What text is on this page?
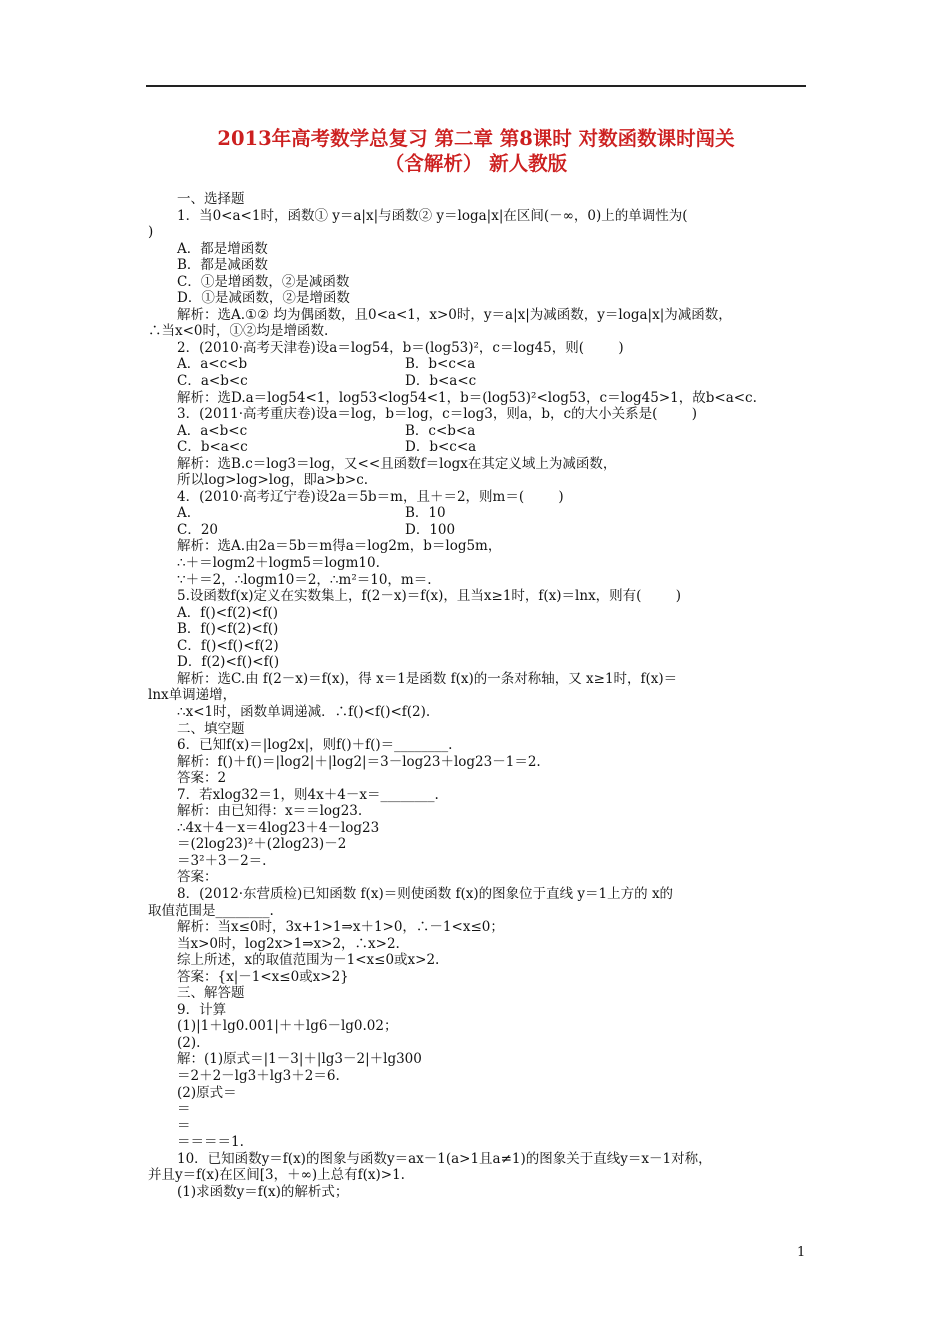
2013年高考数学总复习 第二章 第8课时 对数函数课时闯关
（含解析） 新人教版
一、选择题
1．当0<a<1时，函数① y＝a|x|与函数② y＝loga|x|在区间(－∞，0)上的单调性为(
)
A．都是增函数
B．都是减函数
C．①是增函数，②是减函数
D．①是减函数，②是增函数
解析：选A.①② 均为偶函数，且0<a<1，x>0时，y＝a|x|为减函数，y＝loga|x|为减函数，
∴当x<0时，①②均是增函数.
2．(2010·高考天津卷)设a＝log54，b＝(log53)²，c＝log45，则(        )
A．a<c<b	B．b<c<a
C．a<b<c	D．b<a<c
解析：选D.a＝log54<1，log53<log54<1，b＝(log53)²<log53，c＝log45>1，故b<a<c.
3．(2011·高考重庆卷)设a＝log，b＝log，c＝log3，则a，b，c的大小关系是(        )
A．a<b<c	B．c<b<a
C．b<a<c	D．b<c<a
解析：选B.c＝log3＝log，又<<且函数f＝logx在其定义域上为减函数，
所以log>log>log，即a>b>c.
4．(2010·高考辽宁卷)设2a＝5b＝m，且＋＝2，则m＝(        )
A.	B．10
C．20	D．100
解析：选A.由2a＝5b＝m得a＝log2m，b＝log5m，
∴＋＝logm2＋logm5＝logm10.
∵＋＝2，∴logm10＝2，∴m²＝10，m＝.
5.设函数f(x)定义在实数集上，f(2－x)＝f(x)，且当x≥1时，f(x)＝lnx，则有(        )
A．f()<f(2)<f()
B．f()<f(2)<f()
C．f()<f()<f(2)
D．f(2)<f()<f()
解析：选C.由 f(2－x)＝f(x)，得 x＝1是函数 f(x)的一条对称轴，又 x≥1时，f(x)＝
lnx单调递增，
∴x<1时，函数单调递减．∴f()<f()<f(2).
二、填空题
6．已知f(x)＝|log2x|，则f()＋f()＝________.
解析：f()＋f()＝|log2|＋|log2|＝3－log23＋log23－1＝2.
答案：2
7．若xlog32＝1，则4x＋4－x＝________.
解析：由已知得：x＝＝log23.
∴4x＋4－x＝4log23＋4－log23
＝(2log23)²＋(2log23)－2
＝3²＋3－2＝.
答案：
8．(2012·东营质检)已知函数 f(x)＝则使函数 f(x)的图象位于直线 y＝1上方的 x的
取值范围是________.
解析：当x≤0时，3x+1>1⇒x＋1>0，∴－1<x≤0；
当x>0时，log2x>1⇒x>2，∴x>2.
综上所述，x的取值范围为－1<x≤0或x>2.
答案：{x|－1<x≤0或x>2}
三、解答题
9．计算
(1)|1＋lg0.001|＋＋lg6－lg0.02；
(2).
解：(1)原式＝|1－3|＋|lg3－2|＋lg300
＝2＋2－lg3＋lg3＋2＝6.
(2)原式＝
＝
＝
＝＝＝＝1.
10．已知函数y＝f(x)的图象与函数y＝ax－1(a>1且a≠1)的图象关于直线y＝x－1对称，
并且y＝f(x)在区间[3，＋∞)上总有f(x)>1.
(1)求函数y＝f(x)的解析式；
1
